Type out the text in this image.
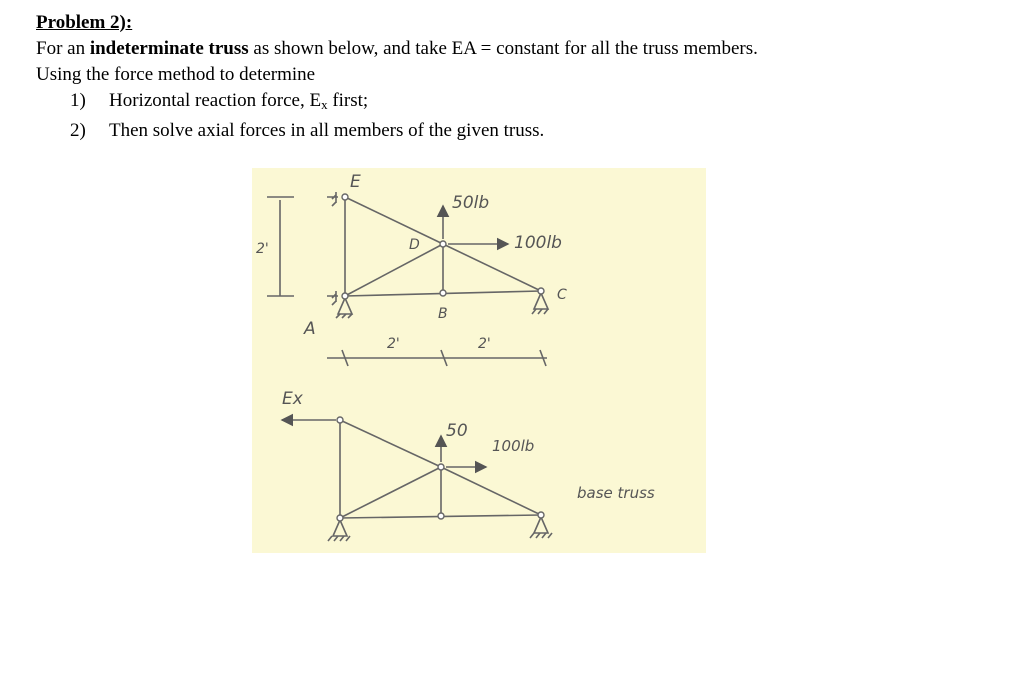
Problem 2):
For an indeterminate truss as shown below, and take EA = constant for all the truss members.
Using the force method to determine
1) Horizontal reaction force, $E_x$ first;
2) Then solve axial forces in all members of the given truss.
E
D
A
B
C
50lb
100lb
2'
2'	2'
Ex
50
100lb
base truss
